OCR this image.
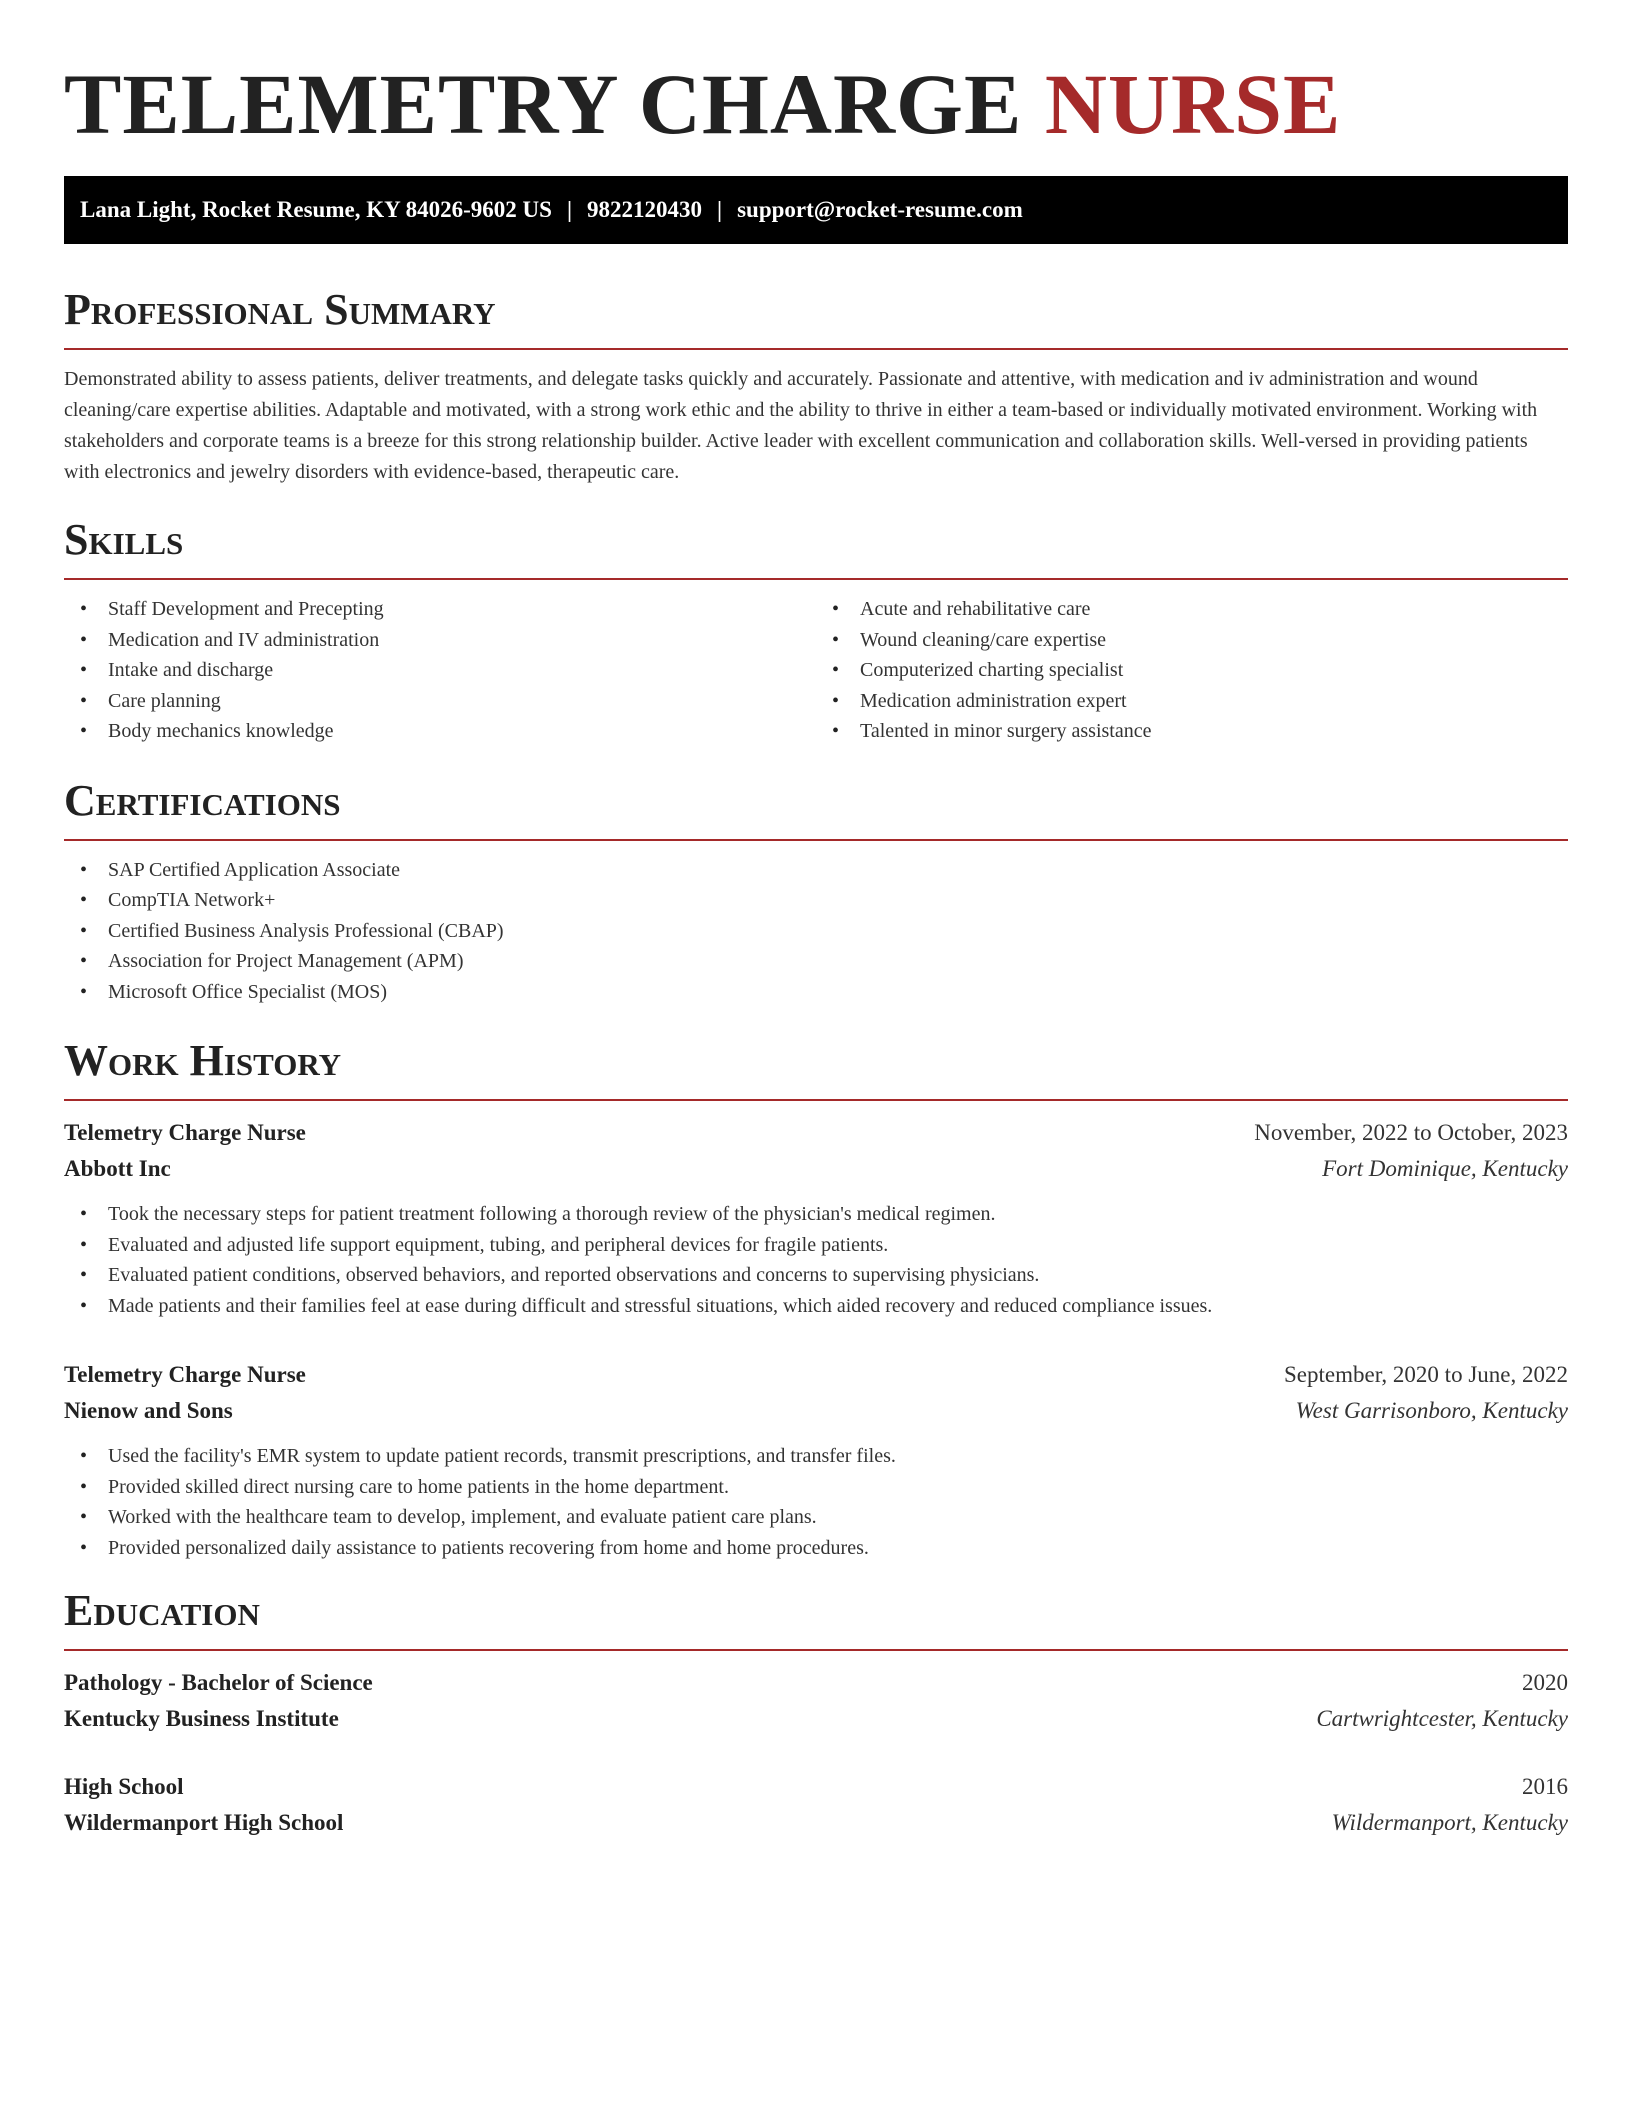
TELEMETRY CHARGE NURSE
Lana Light, Rocket Resume, KY 84026-9602 US | 9822120430 | support@rocket-resume.com
Professional Summary

Demonstrated ability to assess patients, deliver treatments, and delegate tasks quickly and accurately. Passionate and attentive, with medication and iv administration and wound cleaning/care expertise abilities. Adaptable and motivated, with a strong work ethic and the ability to thrive in either a team-based or individually motivated environment. Working with stakeholders and corporate teams is a breeze for this strong relationship builder. Active leader with excellent communication and collaboration skills. Well-versed in providing patients with electronics and jewelry disorders with evidence-based, therapeutic care.

Skills
• Staff Development and Precepting
• Medication and IV administration
• Intake and discharge
• Care planning
• Body mechanics knowledge
• Acute and rehabilitative care
• Wound cleaning/care expertise
• Computerized charting specialist
• Medication administration expert
• Talented in minor surgery assistance
Certifications
• SAP Certified Application Associate
• CompTIA Network+
• Certified Business Analysis Professional (CBAP)
• Association for Project Management (APM)
• Microsoft Office Specialist (MOS)
Work History
Telemetry Charge Nurse	November, 2022 to October, 2023
Abbott Inc	Fort Dominique, Kentucky
• Took the necessary steps for patient treatment following a thorough review of the physician's medical regimen.
• Evaluated and adjusted life support equipment, tubing, and peripheral devices for fragile patients.
• Evaluated patient conditions, observed behaviors, and reported observations and concerns to supervising physicians.
• Made patients and their families feel at ease during difficult and stressful situations, which aided recovery and reduced compliance issues.
Telemetry Charge Nurse	September, 2020 to June, 2022
Nienow and Sons	West Garrisonboro, Kentucky
• Used the facility's EMR system to update patient records, transmit prescriptions, and transfer files.
• Provided skilled direct nursing care to home patients in the home department.
• Worked with the healthcare team to develop, implement, and evaluate patient care plans.
• Provided personalized daily assistance to patients recovering from home and home procedures.
Education
Pathology - Bachelor of Science	2020
Kentucky Business Institute	Cartwrightcester, Kentucky
High School	2016
Wildermanport High School	Wildermanport, Kentucky
